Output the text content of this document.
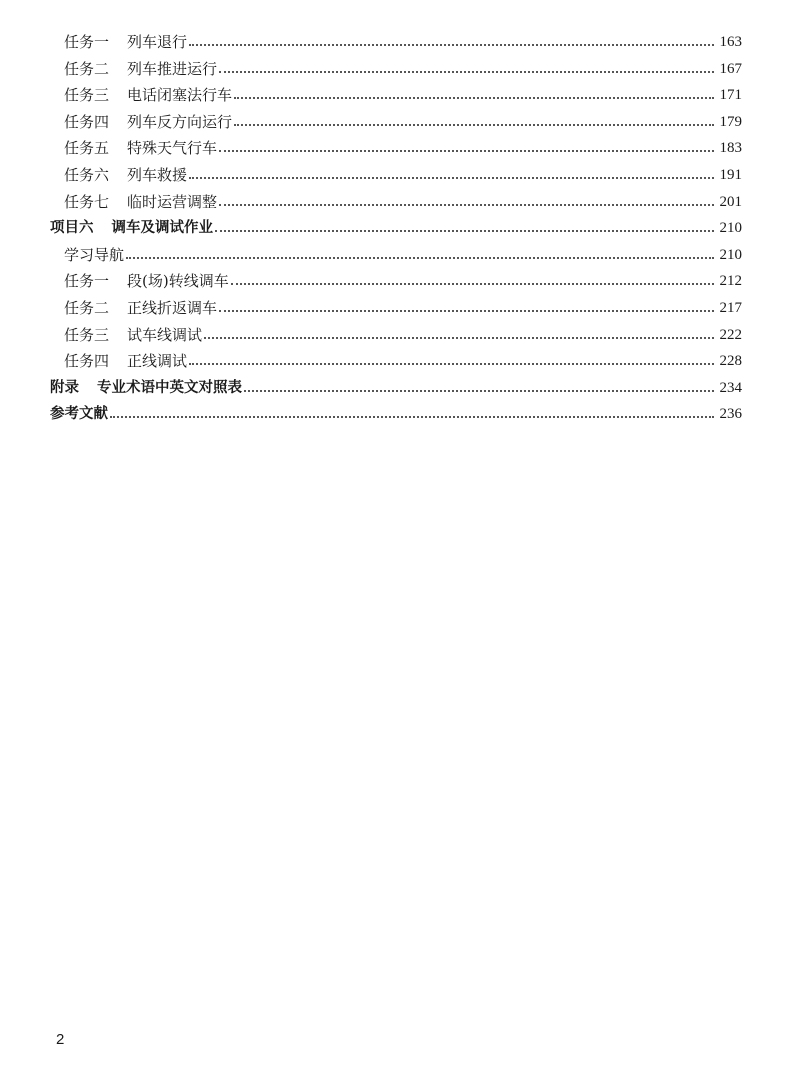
任务一 列车退行	163
任务二 列车推进运行	167
任务三 电话闭塞法行车	171
任务四 列车反方向运行	179
任务五 特殊天气行车	183
任务六 列车救援	191
任务七 临时运营调整	201
项目六 调车及调试作业	210
学习导航	210
任务一 段(场)转线调车	212
任务二 正线折返调车	217
任务三 试车线调试	222
任务四 正线调试	228
附录 专业术语中英文对照表	234
参考文献	236
2
